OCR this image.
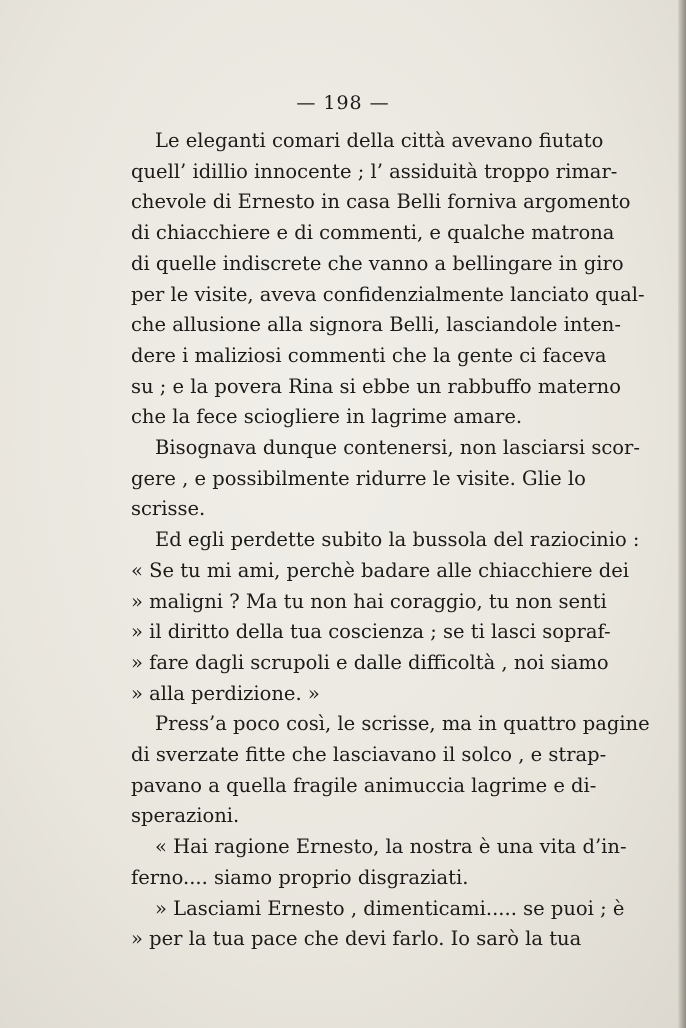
— 198 —
Le eleganti comari della città avevano fiutato
quell’ idillio innocente ; l’ assiduità troppo rimar-
chevole di Ernesto in casa Belli forniva argomento
di chiacchiere e di commenti, e qualche matrona
di quelle indiscrete che vanno a bellingare in giro
per le visite, aveva confidenzialmente lanciato qual-
che allusione alla signora Belli, lasciandole inten-
dere i maliziosi commenti che la gente ci faceva
su ; e la povera Rina si ebbe un rabbuffo materno
che la fece sciogliere in lagrime amare.
Bisognava dunque contenersi, non lasciarsi scor-
gere , e possibilmente ridurre le visite. Glie lo
scrisse.
Ed egli perdette subito la bussola del raziocinio :
« Se tu mi ami, perchè badare alle chiacchiere dei
» maligni ? Ma tu non hai coraggio, tu non senti
» il diritto della tua coscienza ; se ti lasci sopraf-
» fare dagli scrupoli e dalle difficoltà , noi siamo
» alla perdizione. »
Press’a poco così, le scrisse, ma in quattro pagine
di sverzate fitte che lasciavano il solco , e strap-
pavano a quella fragile animuccia lagrime e di-
sperazioni.
« Hai ragione Ernesto, la nostra è una vita d’in-
ferno.... siamo proprio disgraziati.
» Lasciami Ernesto , dimenticami..... se puoi ; è
» per la tua pace che devi farlo. Io sarò la tua
